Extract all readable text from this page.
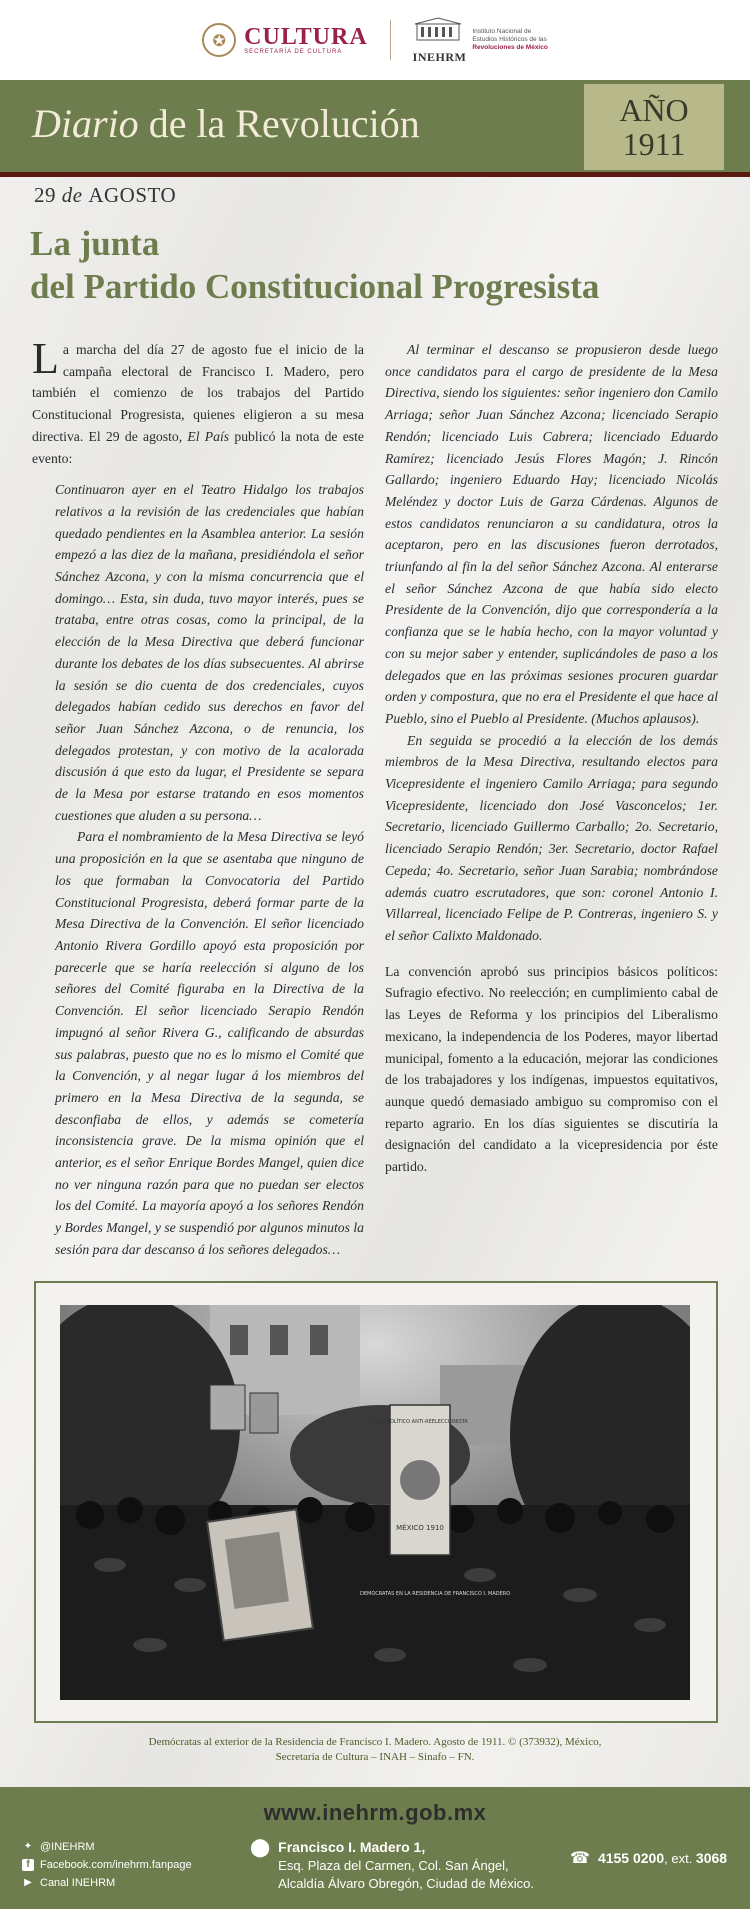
✪ CULTURA
SECRETARÍA DE CULTURA	INEHRM
Instituto Nacional de
Estudios Históricos de las
Revoluciones de México
Diario de la Revolución	AÑO
1911
29 de AGOSTO
La junta
del Partido Constitucional Progresista

La marcha del día 27 de agosto fue el inicio de la campaña electoral de Francisco I. Madero, pero también el comienzo de los trabajos del Partido Constitucional Progresista, quienes eligieron a su mesa directiva. El 29 de agosto, El País publicó la nota de este evento:

Continuaron ayer en el Teatro Hidalgo los trabajos relativos a la revisión de las credenciales que habían quedado pendientes en la Asamblea anterior. La sesión empezó a las diez de la mañana, presidiéndola el señor Sánchez Azcona, y con la misma concurrencia que el domingo… Esta, sin duda, tuvo mayor interés, pues se trataba, entre otras cosas, como la principal, de la elección de la Mesa Directiva que deberá funcionar durante los debates de los días subsecuentes. Al abrirse la sesión se dio cuenta de dos credenciales, cuyos delegados habían cedido sus derechos en favor del señor Juan Sánchez Azcona, o de renuncia, los delegados protestan, y con motivo de la acalorada discusión á que esto da lugar, el Presidente se separa de la Mesa por estarse tratando en esos momentos cuestiones que aluden a su persona…

Para el nombramiento de la Mesa Directiva se leyó una proposición en la que se asentaba que ninguno de los que formaban la Convocatoria del Partido Constitucional Progresista, deberá formar parte de la Mesa Directiva de la Convención. El señor licenciado Antonio Rivera Gordillo apoyó esta proposición por parecerle que se haría reelección si alguno de los señores del Comité figuraba en la Directiva de la Convención. El señor licenciado Serapio Rendón impugnó al señor Rivera G., calificando de absurdas sus palabras, puesto que no es lo mismo el Comité que la Convención, y al negar lugar á los miembros del primero en la Mesa Directiva de la segunda, se desconfiaba de ellos, y además se cometería inconsistencia grave. De la misma opinión que el anterior, es el señor Enrique Bordes Mangel, quien dice no ver ninguna razón para que no puedan ser electos los del Comité. La mayoría apoyó a los señores Rendón y Bordes Mangel, y se suspendió por algunos minutos la sesión para dar descanso á los señores delegados…

Al terminar el descanso se propusieron desde luego once candidatos para el cargo de presidente de la Mesa Directiva, siendo los siguientes: señor ingeniero don Camilo Arriaga; señor Juan Sánchez Azcona; licenciado Serapio Rendón; licenciado Luis Cabrera; licenciado Eduardo Ramírez; licenciado Jesús Flores Magón; J. Rincón Gallardo; ingeniero Eduardo Hay; licenciado Nicolás Meléndez y doctor Luis de Garza Cárdenas. Algunos de estos candidatos renunciaron a su candidatura, otros la aceptaron, pero en las discusiones fueron derrotados, triunfando al fin la del señor Sánchez Azcona. Al enterarse el señor Sánchez Azcona de que había sido electo Presidente de la Convención, dijo que correspondería a la confianza que se le había hecho, con la mayor voluntad y con su mejor saber y entender, suplicándoles de paso a los delegados que en las próximas sesiones procuren guardar orden y compostura, que no era el Presidente el que hace al Pueblo, sino el Pueblo al Presidente. (Muchos aplausos).

En seguida se procedió a la elección de los demás miembros de la Mesa Directiva, resultando electos para Vicepresidente el ingeniero Camilo Arriaga; para segundo Vicepresidente, licenciado don José Vasconcelos; 1er. Secretario, licenciado Guillermo Carballo; 2o. Secretario, licenciado Serapio Rendón; 3er. Secretario, doctor Rafael Cepeda; 4o. Secretario, señor Juan Sarabia; nombrándose además cuatro escrutadores, que son: coronel Antonio I. Villarreal, licenciado Felipe de P. Contreras, ingeniero S. y el señor Calixto Maldonado.

La convención aprobó sus principios básicos políticos: Sufragio efectivo. No reelección; en cumplimiento cabal de las Leyes de Reforma y los principios del Liberalismo mexicano, la independencia de los Poderes, mayor libertad municipal, fomento a la educación, mejorar las condiciones de los trabajadores y los indígenas, impuestos equitativos, aunque quedó demasiado ambiguo su compromiso con el reparto agrario. En los días siguientes se discutiría la designación del candidato a la vicepresidencia por éste partido.

CLUB POLÍTICO ANTI-REELECCIONISTA
MÉXICO 1910
DEMÓCRATAS EN LA RESIDENCIA DE FRANCISCO I. MADERO
Demócratas al exterior de la Residencia de Francisco I. Madero. Agosto de 1911. © (373932), México,
Secretaría de Cultura – INAH – Sinafo – FN.
www.inehrm.gob.mx
✦ @INEHRM
f Facebook.com/inehrm.fanpage
▶ Canal INEHRM
⬤ Francisco I. Madero 1,
Esq. Plaza del Carmen, Col. San Ángel,
Alcaldía Álvaro Obregón, Ciudad de México.
☎ 4155 0200, ext. 3068
